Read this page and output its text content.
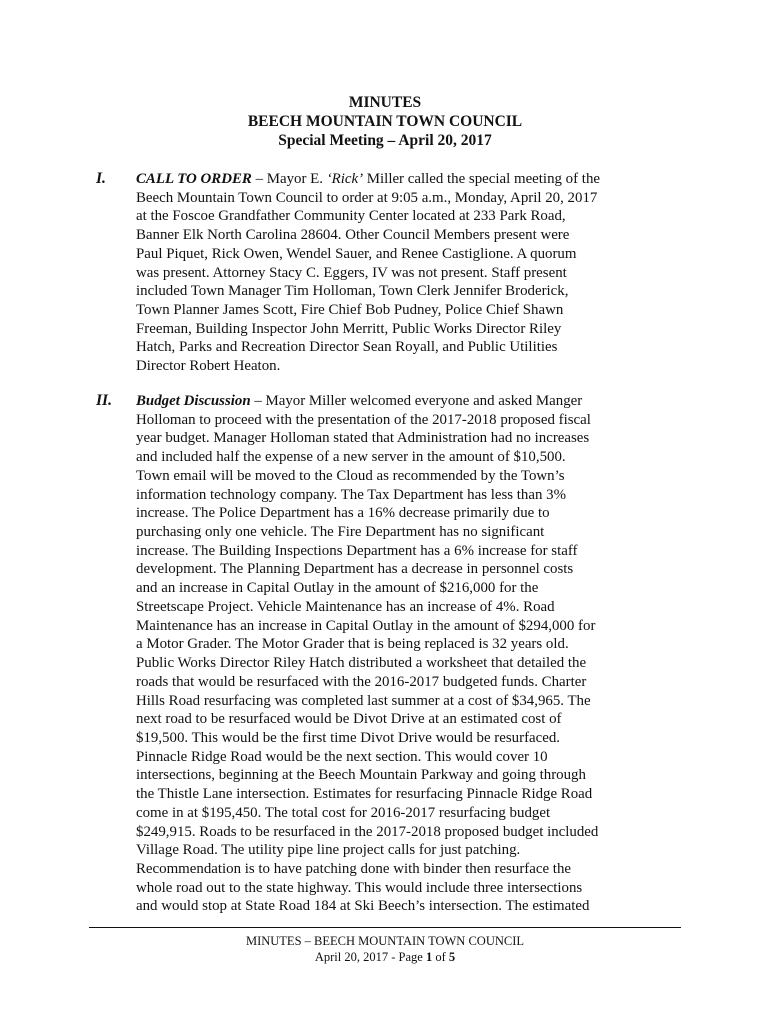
MINUTES
BEECH MOUNTAIN TOWN COUNCIL
Special Meeting – April 20, 2017
I. CALL TO ORDER – Mayor E. ‘Rick’ Miller called the special meeting of the
Beech Mountain Town Council to order at 9:05 a.m., Monday, April 20, 2017
at the Foscoe Grandfather Community Center located at 233 Park Road,
Banner Elk North Carolina 28604. Other Council Members present were
Paul Piquet, Rick Owen, Wendel Sauer, and Renee Castiglione. A quorum
was present. Attorney Stacy C. Eggers, IV was not present. Staff present
included Town Manager Tim Holloman, Town Clerk Jennifer Broderick,
Town Planner James Scott, Fire Chief Bob Pudney, Police Chief Shawn
Freeman, Building Inspector John Merritt, Public Works Director Riley
Hatch, Parks and Recreation Director Sean Royall, and Public Utilities
Director Robert Heaton.
II. Budget Discussion – Mayor Miller welcomed everyone and asked Manger
Holloman to proceed with the presentation of the 2017-2018 proposed fiscal
year budget. Manager Holloman stated that Administration had no increases
and included half the expense of a new server in the amount of $10,500.
Town email will be moved to the Cloud as recommended by the Town’s
information technology company. The Tax Department has less than 3%
increase. The Police Department has a 16% decrease primarily due to
purchasing only one vehicle. The Fire Department has no significant
increase. The Building Inspections Department has a 6% increase for staff
development. The Planning Department has a decrease in personnel costs
and an increase in Capital Outlay in the amount of $216,000 for the
Streetscape Project. Vehicle Maintenance has an increase of 4%. Road
Maintenance has an increase in Capital Outlay in the amount of $294,000 for
a Motor Grader. The Motor Grader that is being replaced is 32 years old.
Public Works Director Riley Hatch distributed a worksheet that detailed the
roads that would be resurfaced with the 2016-2017 budgeted funds. Charter
Hills Road resurfacing was completed last summer at a cost of $34,965. The
next road to be resurfaced would be Divot Drive at an estimated cost of
$19,500. This would be the first time Divot Drive would be resurfaced.
Pinnacle Ridge Road would be the next section. This would cover 10
intersections, beginning at the Beech Mountain Parkway and going through
the Thistle Lane intersection. Estimates for resurfacing Pinnacle Ridge Road
come in at $195,450. The total cost for 2016-2017 resurfacing budget
$249,915. Roads to be resurfaced in the 2017-2018 proposed budget included
Village Road. The utility pipe line project calls for just patching.
Recommendation is to have patching done with binder then resurface the
whole road out to the state highway. This would include three intersections
and would stop at State Road 184 at Ski Beech’s intersection. The estimated
MINUTES – BEECH MOUNTAIN TOWN COUNCIL
April 20, 2017 - Page 1 of 5
